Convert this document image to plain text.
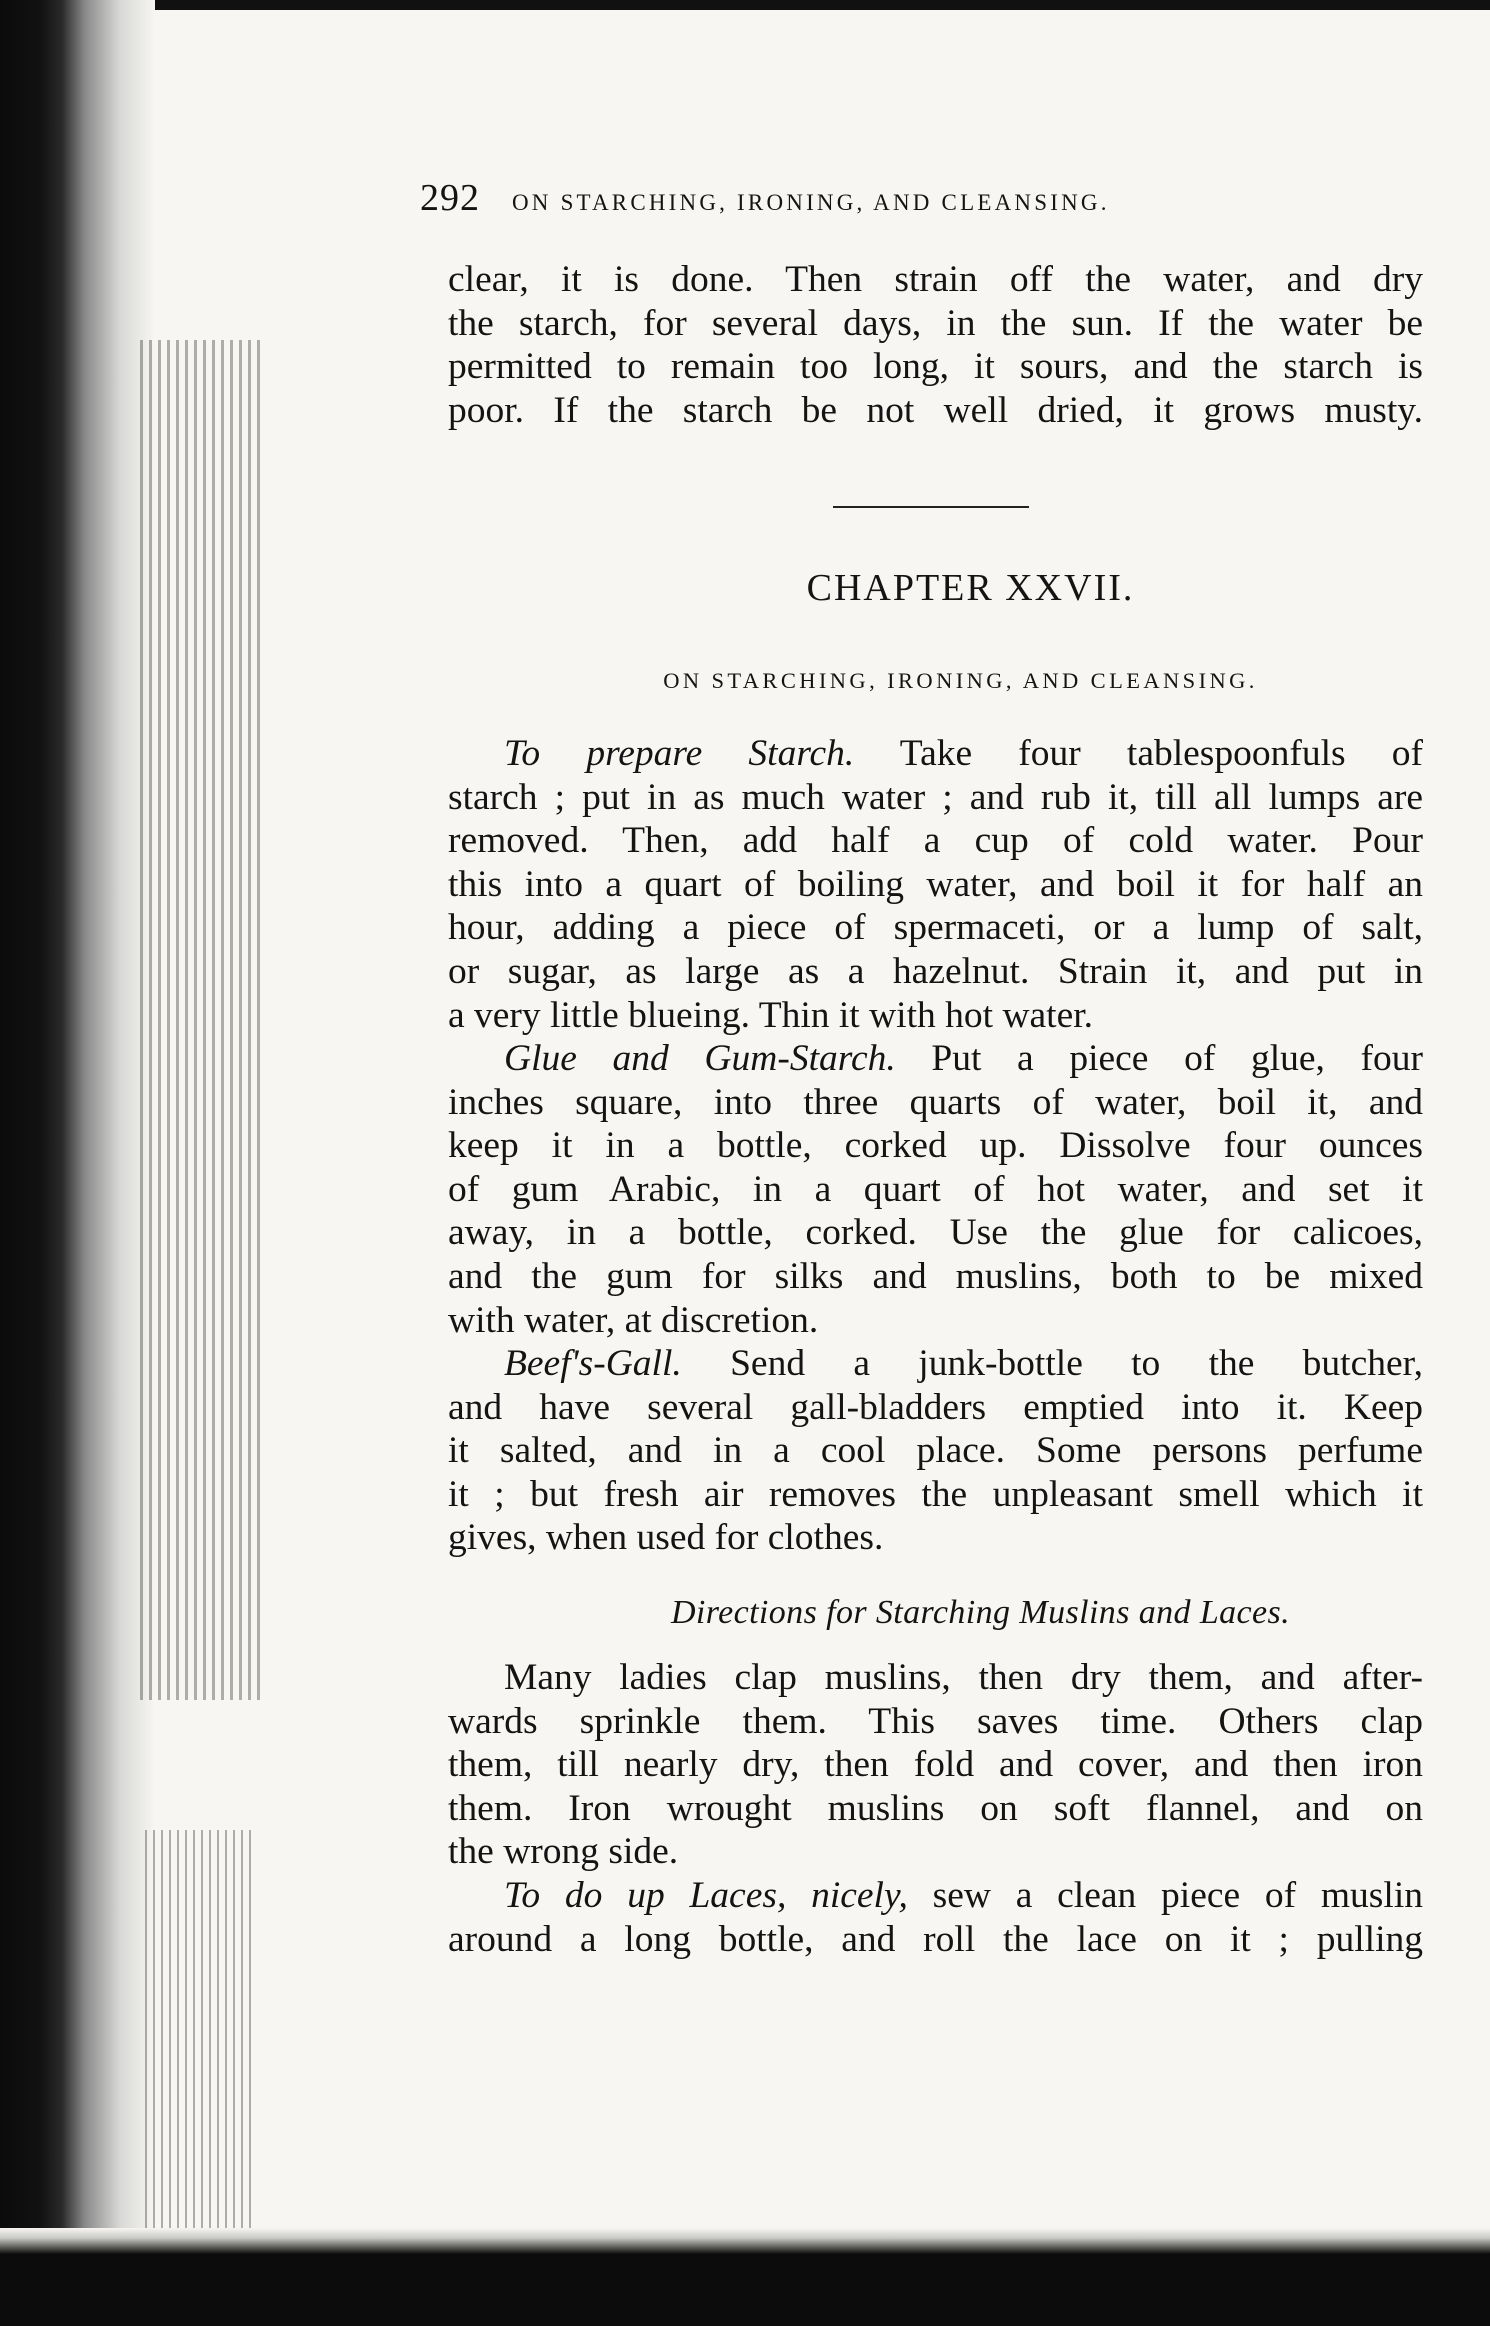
292 ON STARCHING, IRONING, AND CLEANSING.
clear, it is done. Then strain off the water, and dry
the starch, for several days, in the sun. If the water be
permitted to remain too long, it sours, and the starch is
poor. If the starch be not well dried, it grows musty.
CHAPTER XXVII.
ON STARCHING, IRONING, AND CLEANSING.
To prepare Starch. Take four tablespoonfuls of
starch ; put in as much water ; and rub it, till all lumps are
removed. Then, add half a cup of cold water. Pour
this into a quart of boiling water, and boil it for half an
hour, adding a piece of spermaceti, or a lump of salt,
or sugar, as large as a hazelnut. Strain it, and put in
a very little blueing. Thin it with hot water.
Glue and Gum-Starch. Put a piece of glue, four
inches square, into three quarts of water, boil it, and
keep it in a bottle, corked up. Dissolve four ounces
of gum Arabic, in a quart of hot water, and set it
away, in a bottle, corked. Use the glue for calicoes,
and the gum for silks and muslins, both to be mixed
with water, at discretion.
Beef's-Gall. Send a junk-bottle to the butcher,
and have several gall-bladders emptied into it. Keep
it salted, and in a cool place. Some persons perfume
it ; but fresh air removes the unpleasant smell which it
gives, when used for clothes.
Directions for Starching Muslins and Laces.
Many ladies clap muslins, then dry them, and after-
wards sprinkle them. This saves time. Others clap
them, till nearly dry, then fold and cover, and then iron
them. Iron wrought muslins on soft flannel, and on
the wrong side.
To do up Laces, nicely, sew a clean piece of muslin
around a long bottle, and roll the lace on it ; pulling
